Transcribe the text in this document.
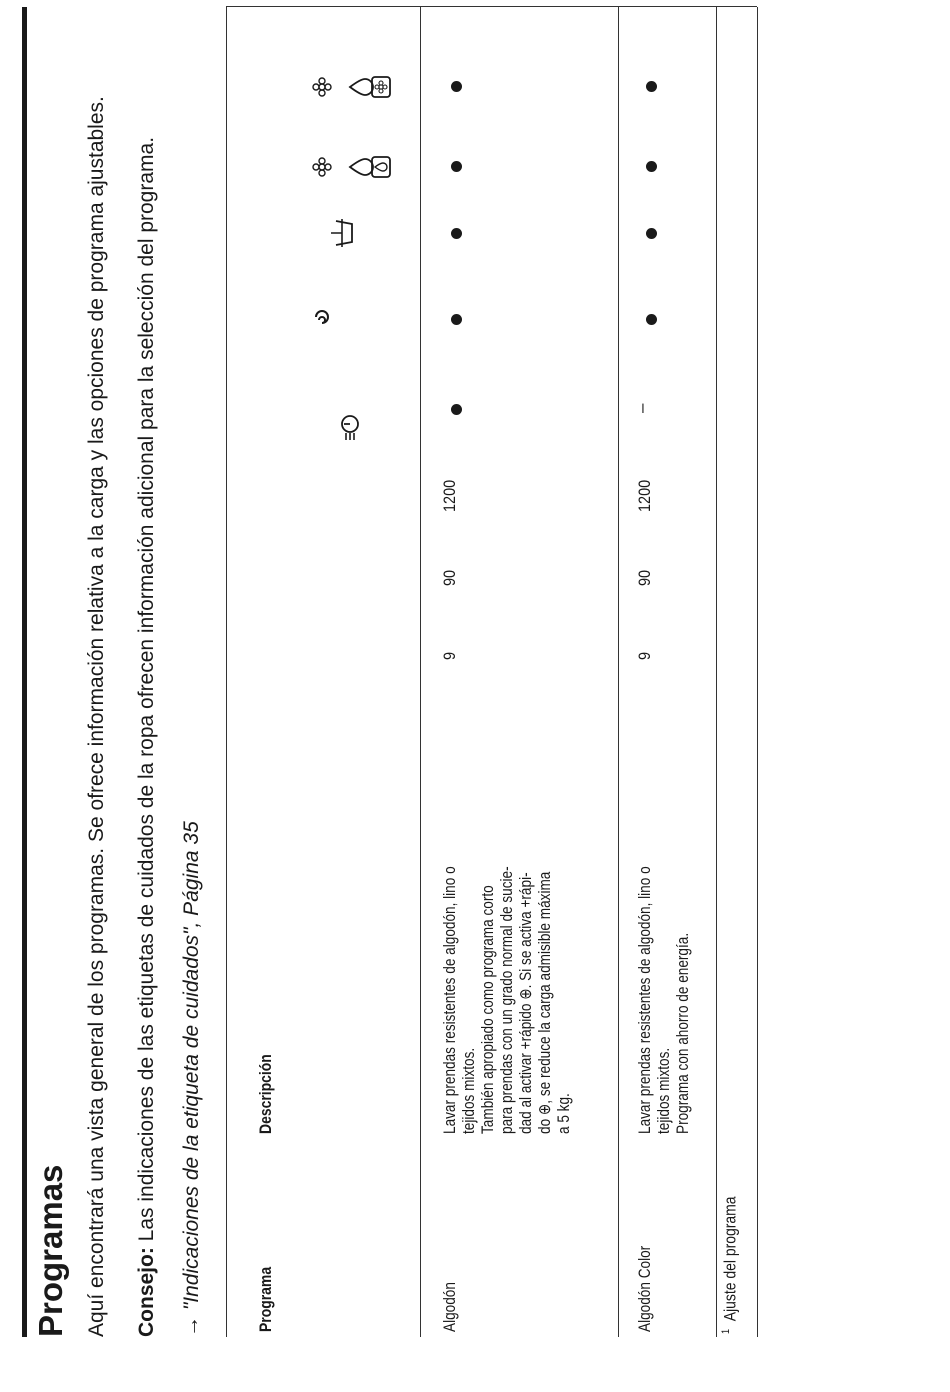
Programas Aquí encontrará una vista general de los programas. Se ofrece información relativa a la carga y las opciones de programa ajustables. Consejo: Las indicaciones de las etiquetas de cuidados de la ropa ofrecen información adicional para la selección del programa. → "Indicaciones de la etiqueta de cuidados", Página 35	Programa
Descripción
Algodón
Lavar prendas resistentes de algodón, lino o tejidos mixtos. También apropiado como programa corto para prendas con un grado normal de sucie- dad al activar +rápido ⊕. Si se activa +rápi- do ⊕, se reduce la carga admisible máxima a 5 kg.
9
90
1200
Algodón Color
Lavar prendas resistentes de algodón, lino o tejidos mixtos. Programa con ahorro de energía.
9
90
1200
–
$^1$  Ajuste del programa
